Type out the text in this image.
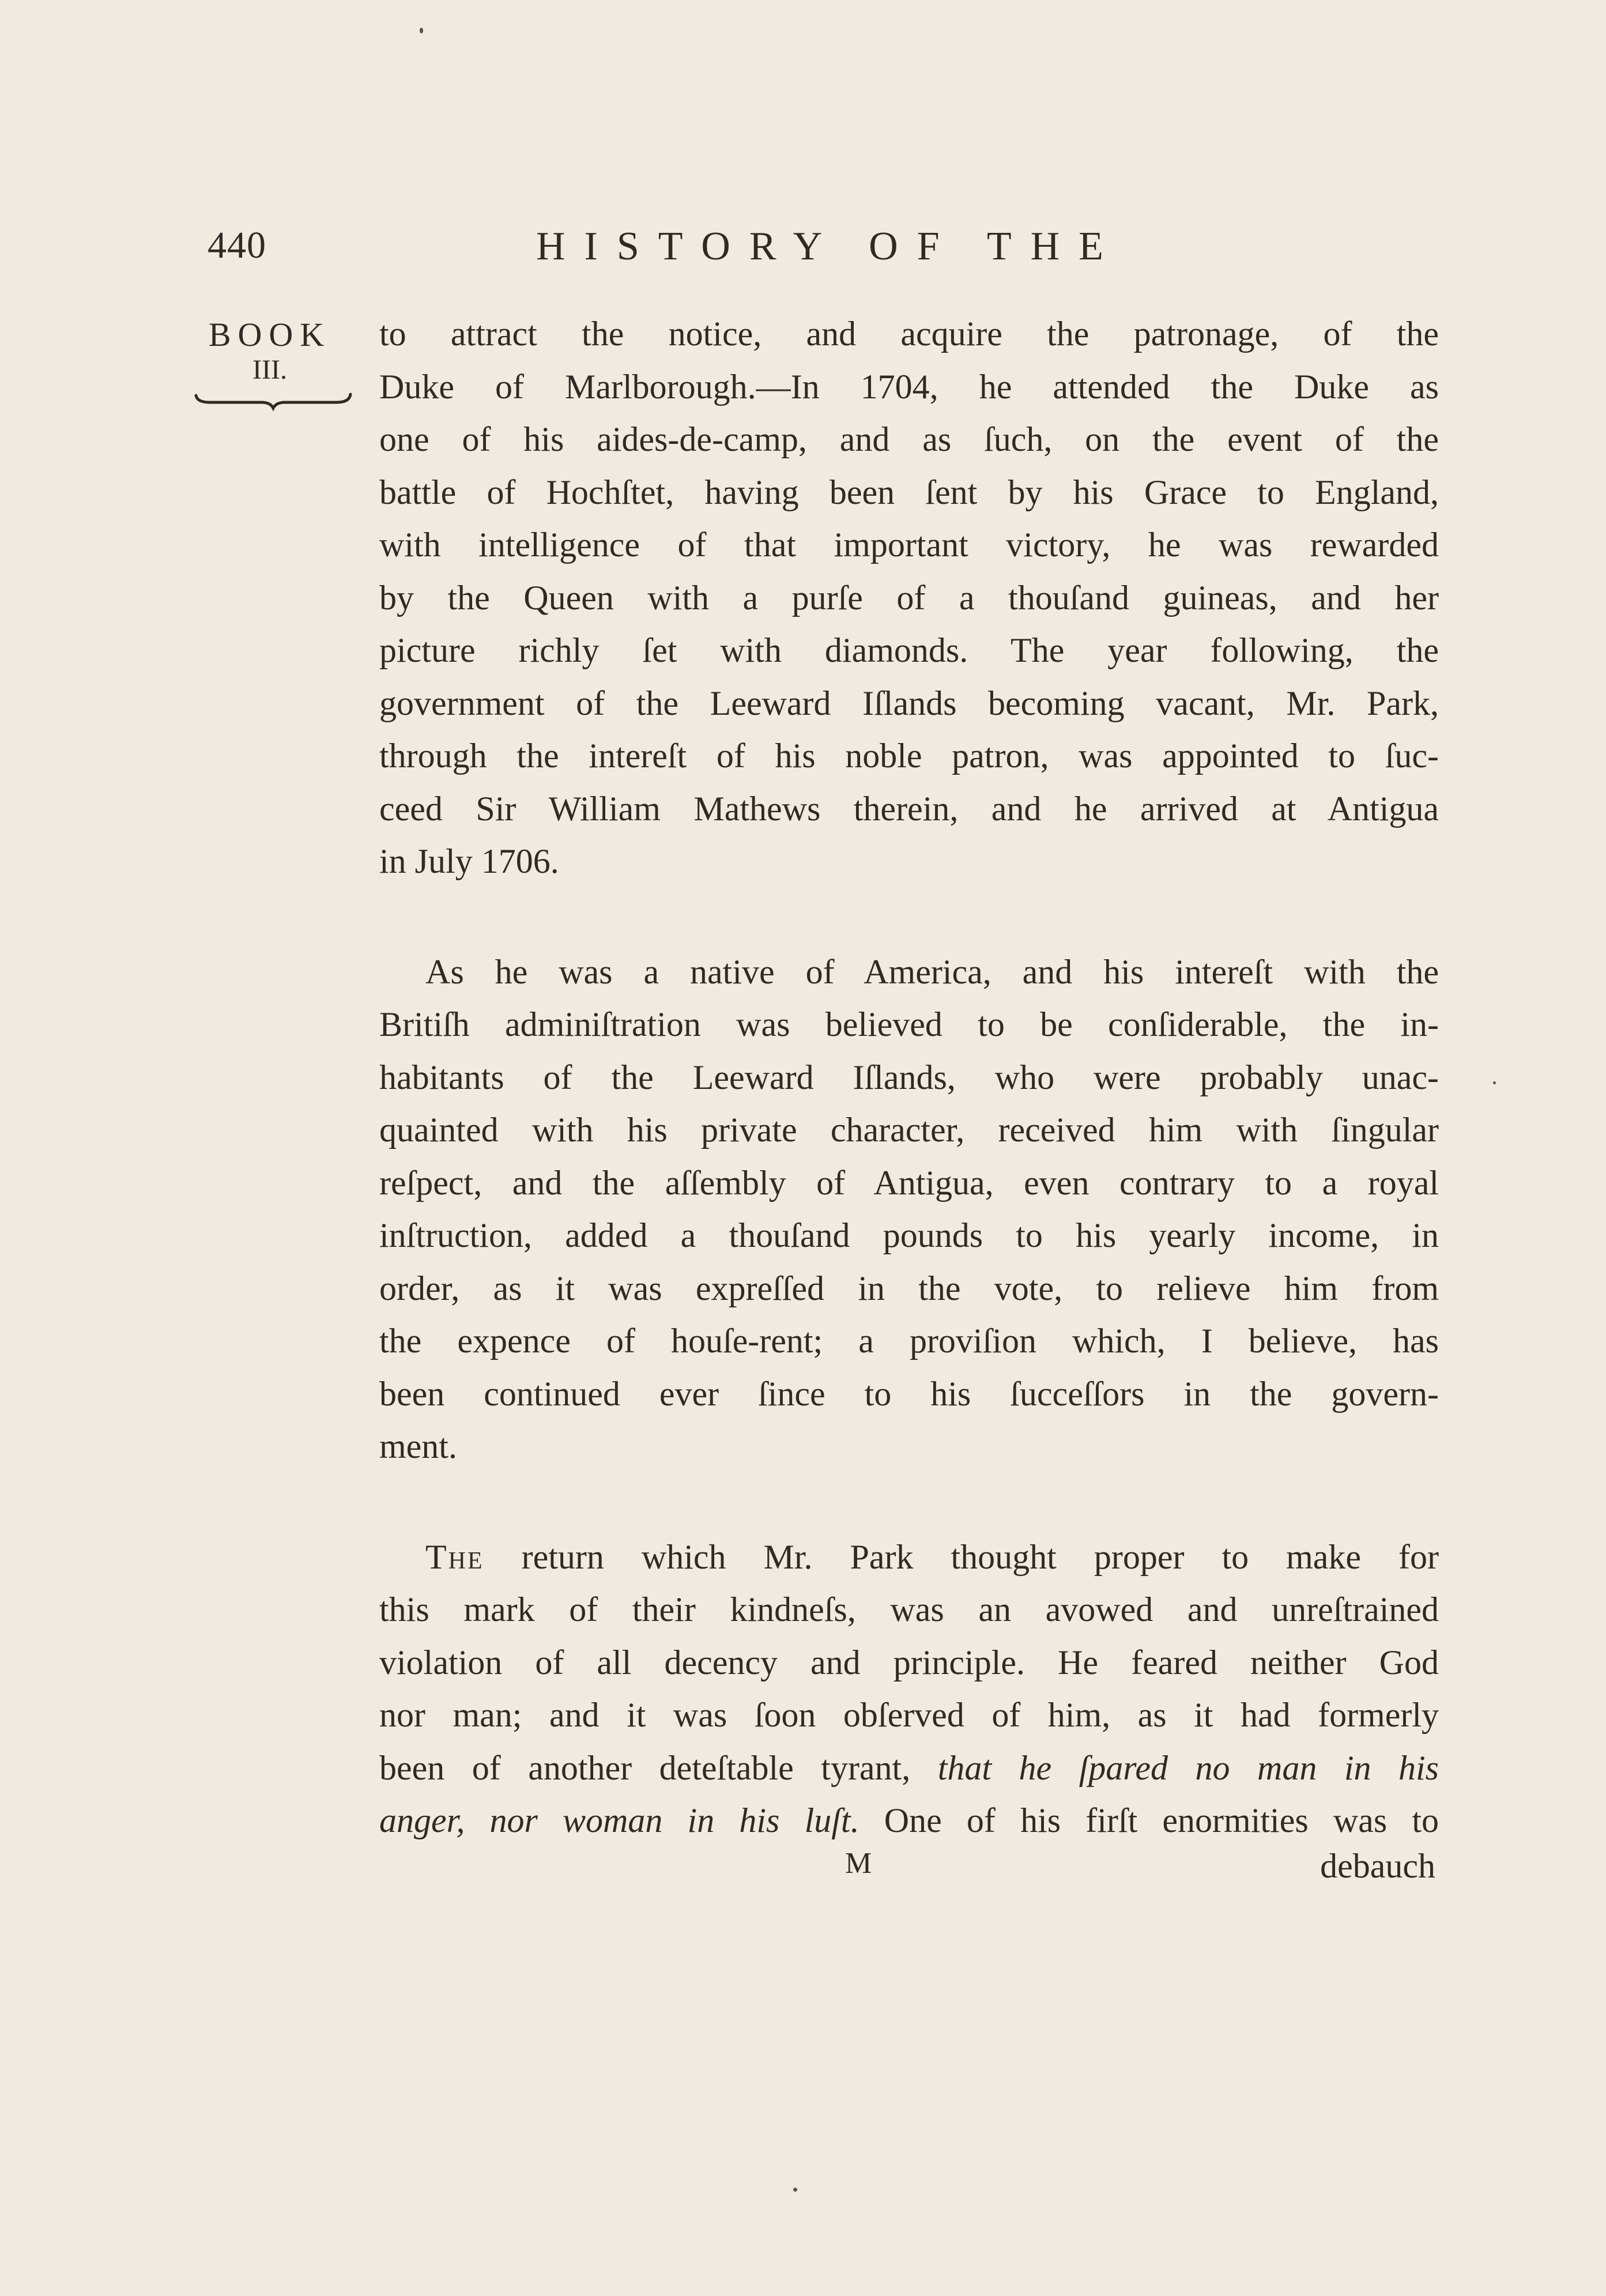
440	HISTORY OF THE
BOOK
III.
to attract the notice, and acquire the patronage, of the
Duke of Marlborough.—In 1704, he attended the Duke as
one of his aides-de-camp, and as ſuch, on the event of the
battle of Hochſtet, having been ſent by his Grace to England,
with intelligence of that important victory, he was rewarded
by the Queen with a purſe of a thouſand guineas, and her
picture richly ſet with diamonds. The year following, the
government of the Leeward Iſlands becoming vacant, Mr. Park,
through the intereſt of his noble patron, was appointed to ſuc-
ceed Sir William Mathews therein, and he arrived at Antigua
in July 1706.
As he was a native of America, and his intereſt with the
Britiſh adminiſtration was believed to be conſiderable, the in-
habitants of the Leeward Iſlands, who were probably unac-
quainted with his private character, received him with ſingular
reſpect, and the aſſembly of Antigua, even contrary to a royal
inſtruction, added a thouſand pounds to his yearly income, in
order, as it was expreſſed in the vote, to relieve him from
the expence of houſe-rent; a proviſion which, I believe, has
been continued ever ſince to his ſucceſſors in the govern-
ment.
The return which Mr. Park thought proper to make for
this mark of their kindneſs, was an avowed and unreſtrained
violation of all decency and principle. He feared neither God
nor man; and it was ſoon obſerved of him, as it had formerly
been of another deteſtable tyrant, that he ſpared no man in his
anger, nor woman in his luſt. One of his firſt enormities was to
M	debauch
